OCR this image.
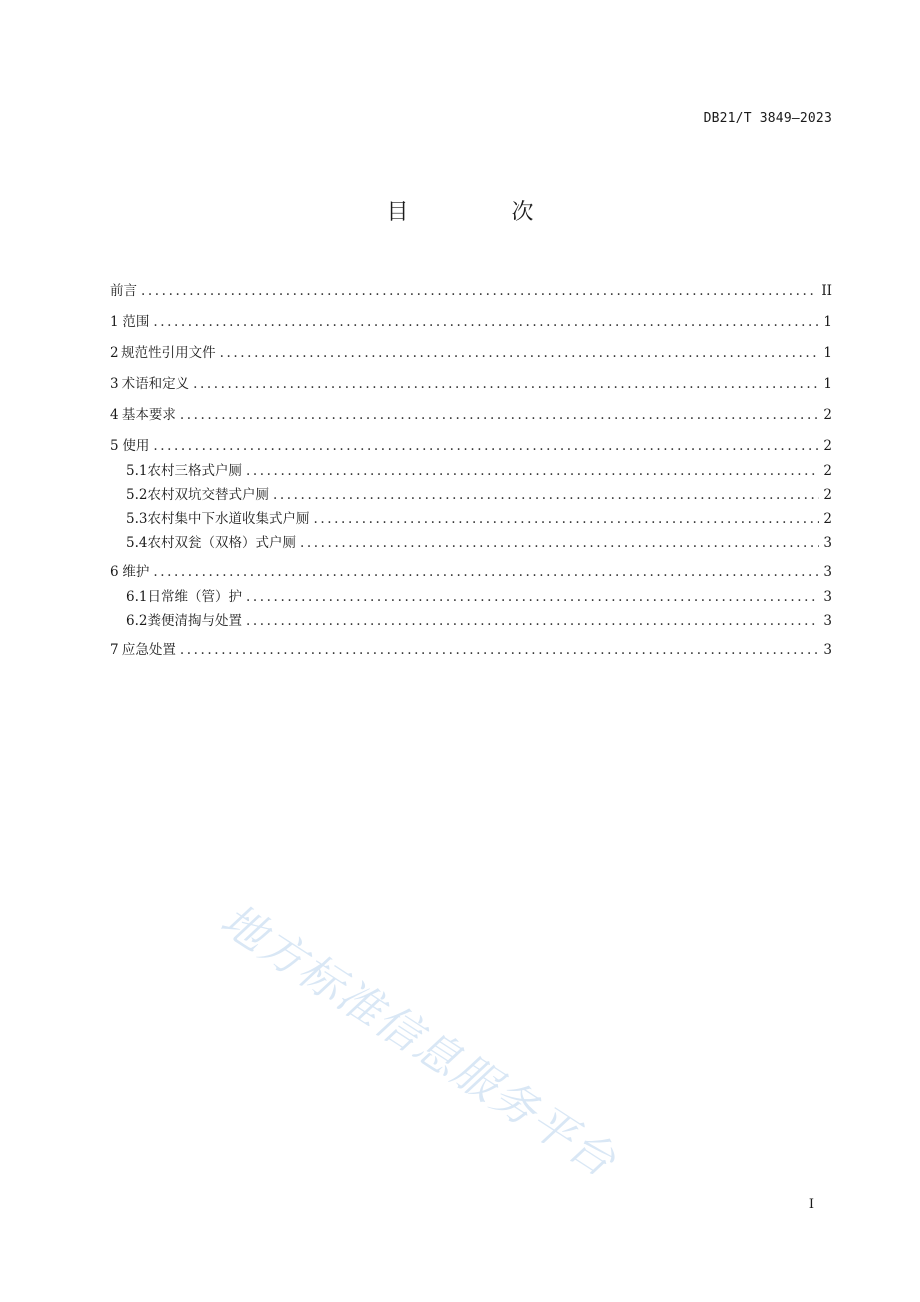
DB21/T 3849—2023
目 次
前言 .....	II
1 范围 .....	1
2 规范性引用文件 .....	1
3 术语和定义 .....	1
4 基本要求 .....	2
5 使用 .....	2
5.1 农村三格式户厕 .....	2
5.2 农村双坑交替式户厕 .....	2
5.3 农村集中下水道收集式户厕 .....	2
5.4 农村双瓮（双格）式户厕 .....	3
6 维护 .....	3
6.1 日常维（管）护 .....	3
6.2 粪便清掏与处置 .....	3
7 应急处置 .....	3
地方标准信息服务平台
I
